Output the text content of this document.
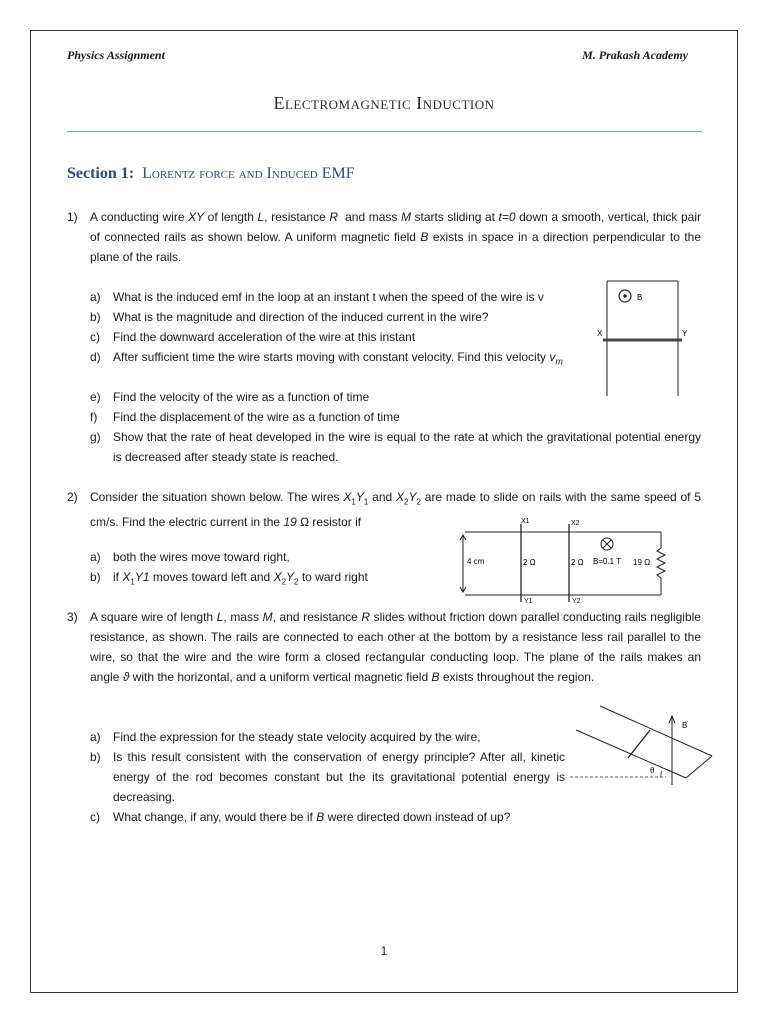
Physics Assignment	M. Prakash Academy
Electromagnetic Induction
Section 1: Lorentz force and Induced EMF
1) A conducting wire XY of length L, resistance R  and mass M starts sliding at t=0 down a smooth, vertical, thick pair of connected rails as shown below. A uniform magnetic field B exists in space in a direction perpendicular to the plane of the rails.
a) What is the induced emf in the loop at an instant t when the speed of the wire is v
b) What is the magnitude and direction of the induced current in the wire?
c) Find the downward acceleration of the wire at this instant
d) After sufficient time the wire starts moving with constant velocity. Find this velocity $v_m$
e) Find the velocity of the wire as a function of time
f) Find the displacement of the wire as a function of time
g) Show that the rate of heat developed in the wire is equal to the rate at which the gravitational potential energy is decreased after steady state is reached.
B
X	Y
2) Consider the situation shown below. The wires $X_1Y_1$ and $X_2Y_2$ are made to slide on rails with the same speed of 5 cm/s. Find the electric current in the 19 Ω resistor if
a) both the wires move toward right,
b) if $X_1Y1$ moves toward left and $X_2Y_2$ to ward right
X1	X2
Y1	Y2
4 cm	2 Ω	2 Ω B=0.1 T 19 Ω
3) A square wire of length L, mass M, and resistance R slides without friction down parallel conducting rails negligible resistance, as shown. The rails are connected to each other at the bottom by a resistance less rail parallel to the wire, so that the wire and the wire form a closed rectangular conducting loop. The plane of the rails makes an angle ϑ with the horizontal, and a uniform vertical magnetic field B exists throughout the region.
a) Find the expression for the steady state velocity acquired by the wire,
b) Is this result consistent with the conservation of energy principle? After all, kinetic energy of the rod becomes constant but the its gravitational potential energy is decreasing.
c) What change, if any, would there be if B were directed down instead of up?
B
θ
1
